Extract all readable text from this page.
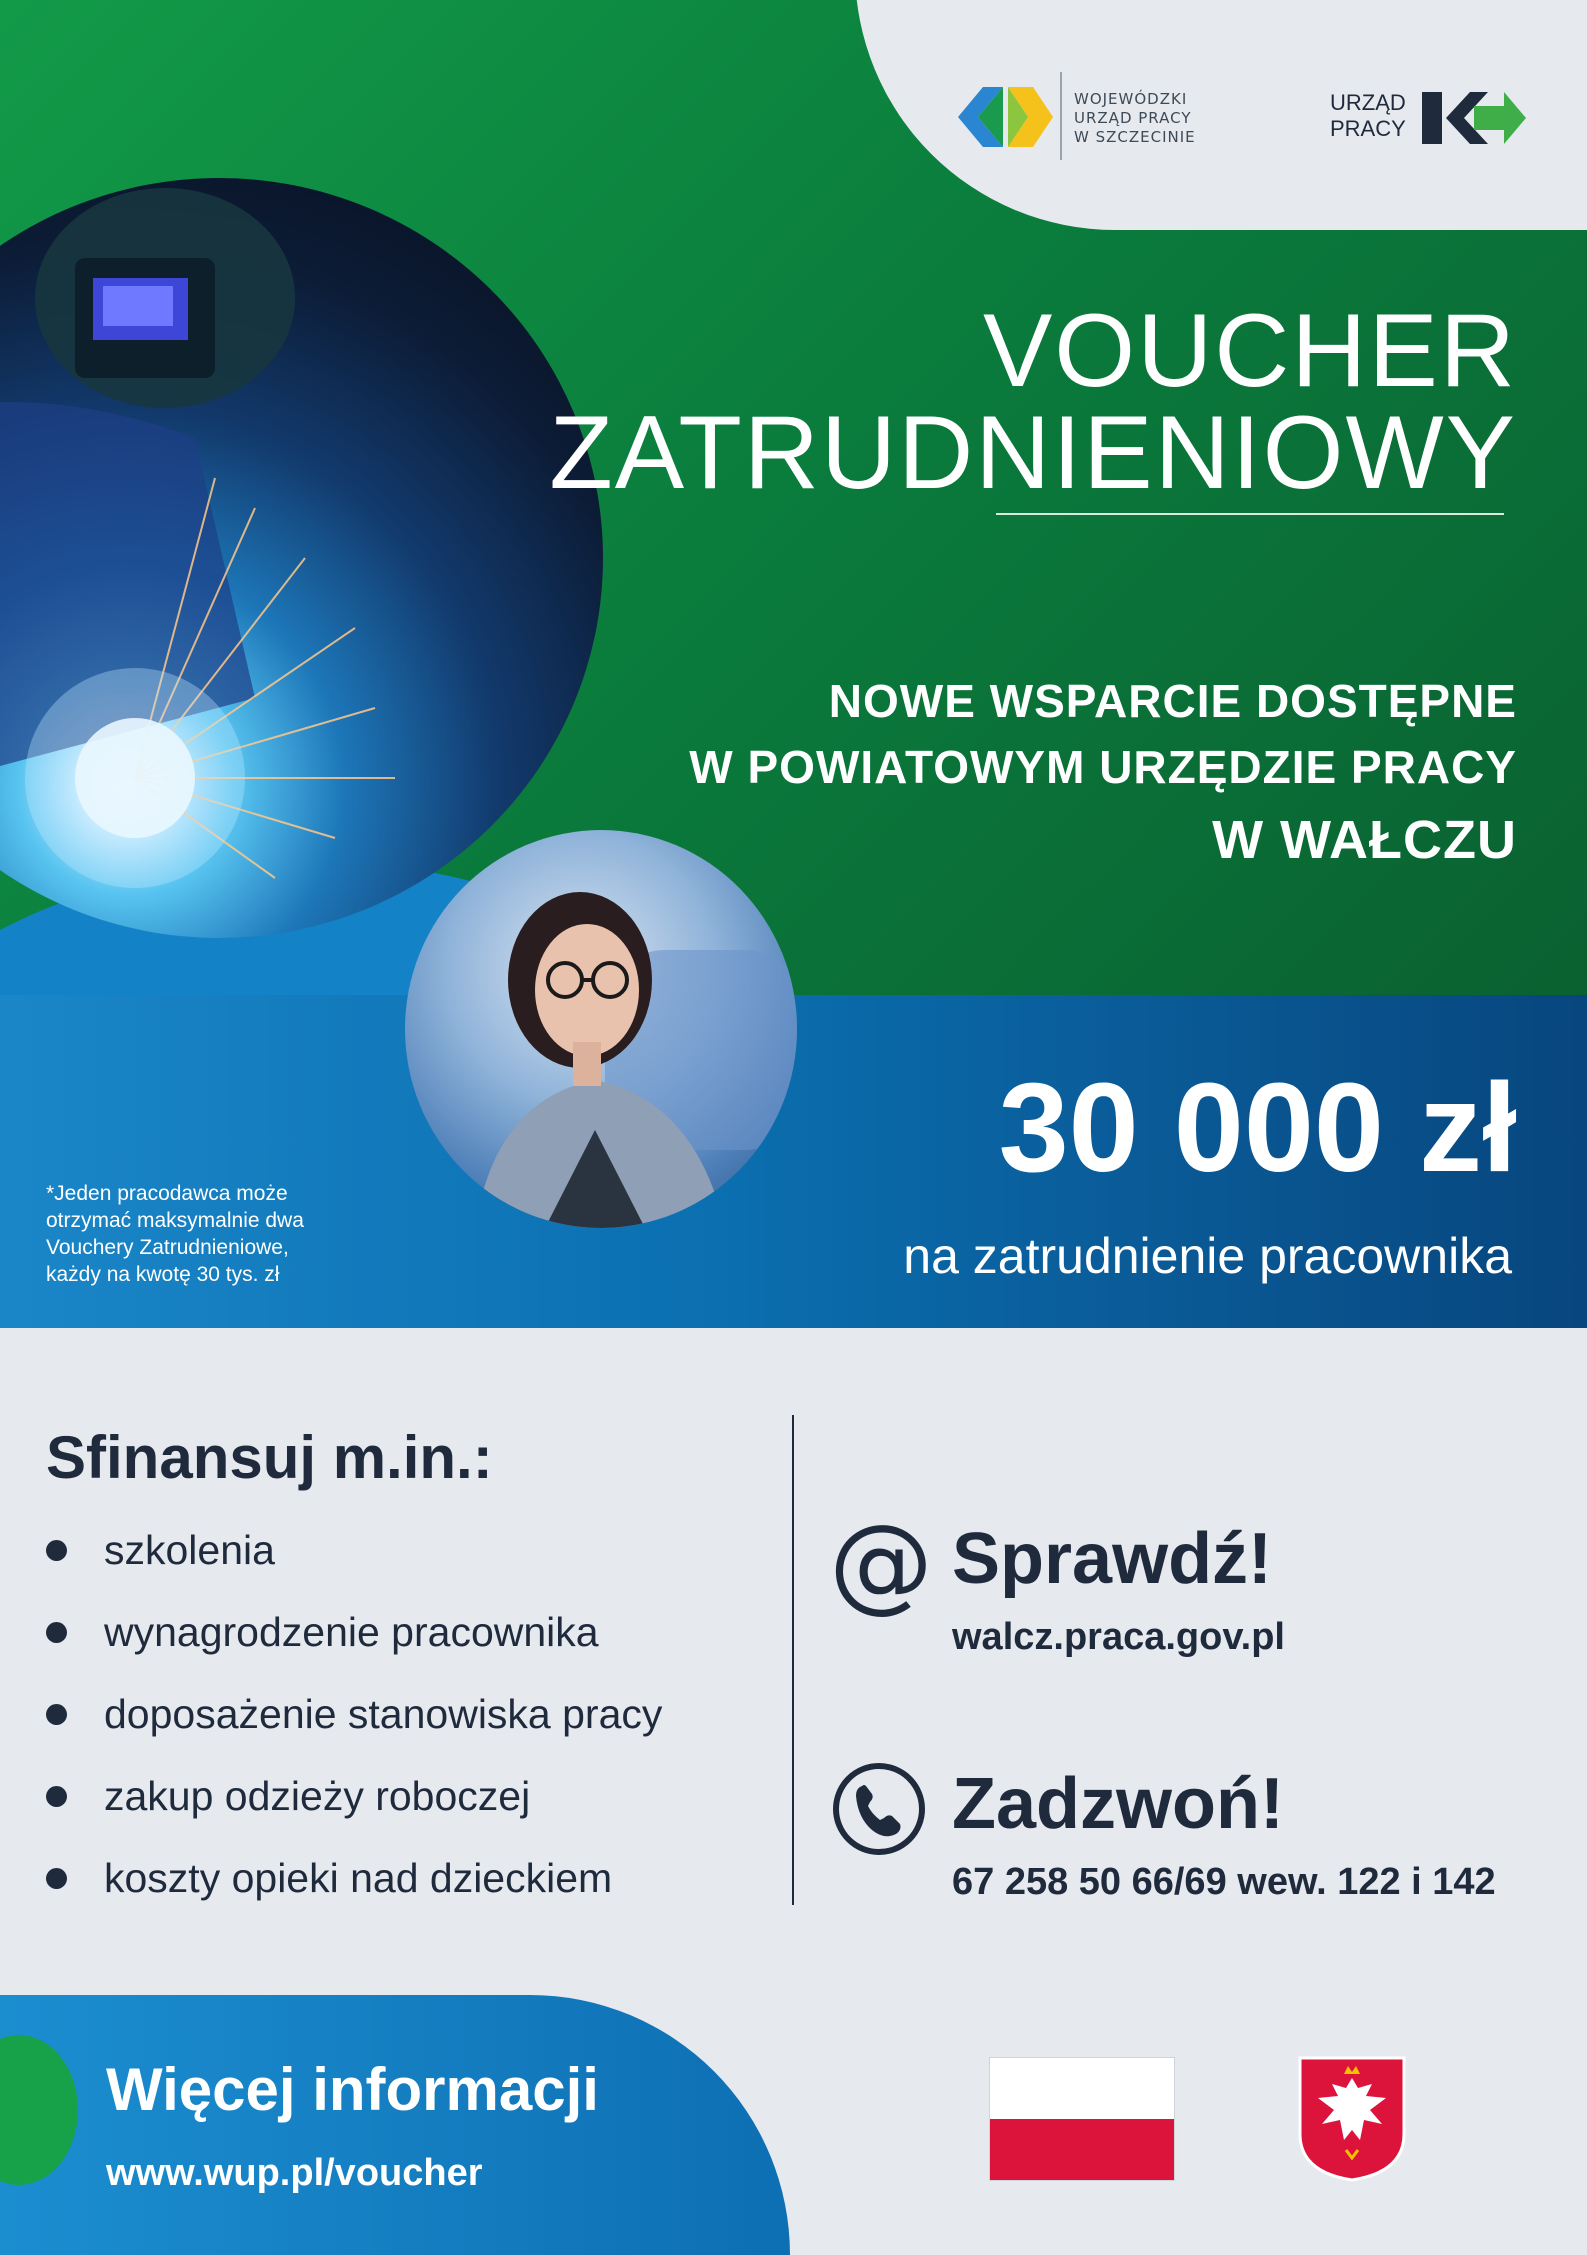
WOJEWÓDZKI
URZĄD PRACY
W SZCZECINIE
URZĄD
PRACY
VOUCHER
ZATRUDNIENIOWY
NOWE WSPARCIE DOSTĘPNE
W POWIATOWYM URZĘDZIE PRACY
W WAŁCZU
30 000 zł
na zatrudnienie pracownika
*Jeden pracodawca może
otrzymać maksymalnie dwa
Vouchery Zatrudnieniowe,
każdy na kwotę 30 tys. zł
Sfinansuj m.in.:
szkolenia
wynagrodzenie pracownika
doposażenie stanowiska pracy
zakup odzieży roboczej
koszty opieki nad dzieckiem
@ Sprawdź!
walcz.praca.gov.pl
Zadzwoń!
67 258 50 66/69 wew. 122 i 142
Więcej informacji
www.wup.pl/voucher
